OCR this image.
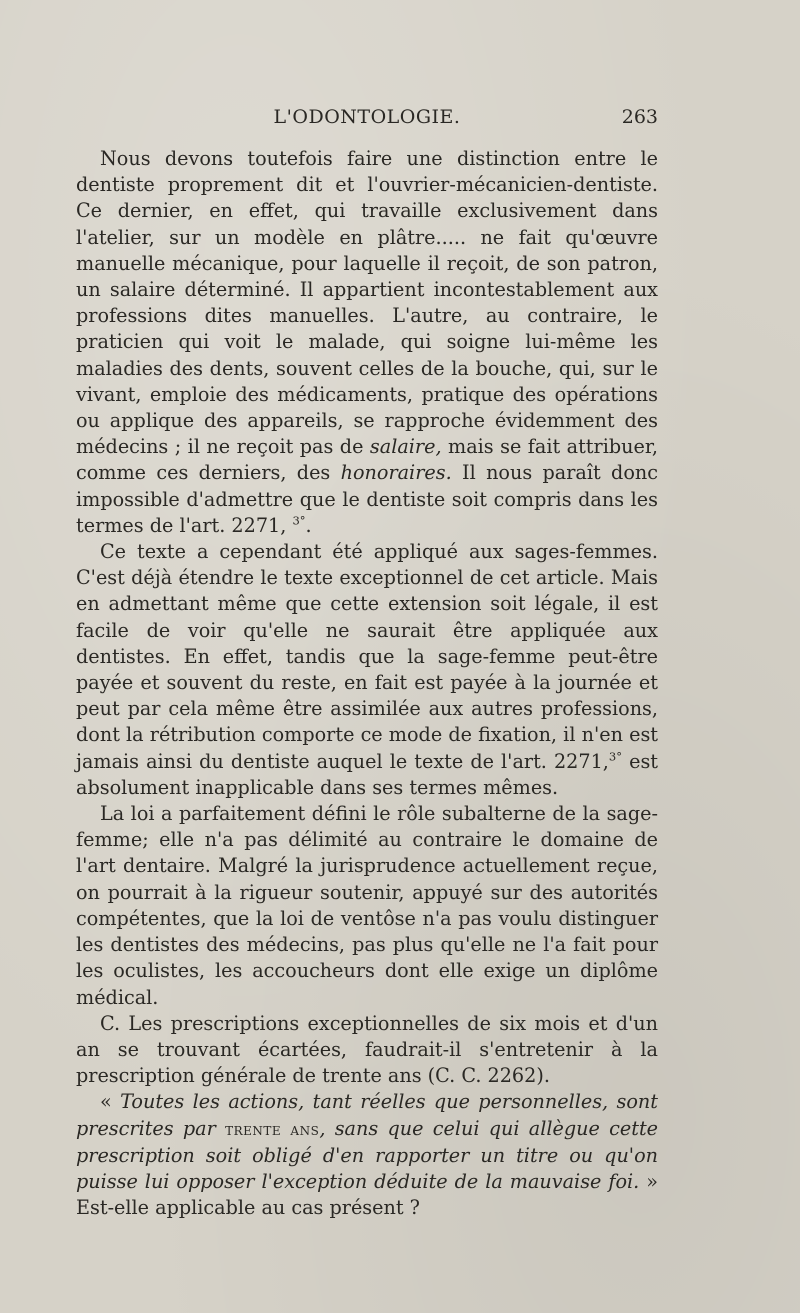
L'ODONTOLOGIE.	263

Nous devons toutefois faire une distinction entre le dentiste proprement dit et l'ouvrier-mécanicien-dentiste. Ce dernier, en effet, qui travaille exclusivement dans l'atelier, sur un modèle en plâtre..... ne fait qu'œuvre manuelle mécanique, pour laquelle il reçoit, de son patron, un salaire déterminé. Il appartient incontestablement aux professions dites manuelles. L'autre, au contraire, le praticien qui voit le malade, qui soigne lui-même les maladies des dents, souvent celles de la bouche, qui, sur le vivant, emploie des médicaments, pratique des opérations ou applique des appareils, se rapproche évidemment des médecins ; il ne reçoit pas de salaire, mais se fait attribuer, comme ces derniers, des honoraires. Il nous paraît donc impossible d'admettre que le dentiste soit compris dans les termes de l'art. 2271, $^{3^\circ}$.

Ce texte a cependant été appliqué aux sages-femmes. C'est déjà étendre le texte exceptionnel de cet article. Mais en admettant même que cette extension soit légale, il est facile de voir qu'elle ne saurait être appliquée aux dentistes. En effet, tandis que la sage-femme peut-être payée et souvent du reste, en fait est payée à la journée et peut par cela même être assimilée aux autres professions, dont la rétribution comporte ce mode de fixation, il n'en est jamais ainsi du dentiste auquel le texte de l'art. 2271,$^{3^\circ}$ est absolument inapplicable dans ses termes mêmes.

La loi a parfaitement défini le rôle subalterne de la sage-femme; elle n'a pas délimité au contraire le domaine de l'art dentaire. Malgré la jurisprudence actuellement reçue, on pourrait à la rigueur soutenir, appuyé sur des autorités compétentes, que la loi de ventôse n'a pas voulu distinguer les dentistes des médecins, pas plus qu'elle ne l'a fait pour les oculistes, les accoucheurs dont elle exige un diplôme médical.

C. Les prescriptions exceptionnelles de six mois et d'un an se trouvant écartées, faudrait-il s'entretenir à la prescription générale de trente ans (C. C. 2262).

« Toutes les actions, tant réelles que personnelles, sont prescrites par trente ans, sans que celui qui allègue cette prescription soit obligé d'en rapporter un titre ou qu'on puisse lui opposer l'exception déduite de la mauvaise foi. » Est-elle applicable au cas présent ?
